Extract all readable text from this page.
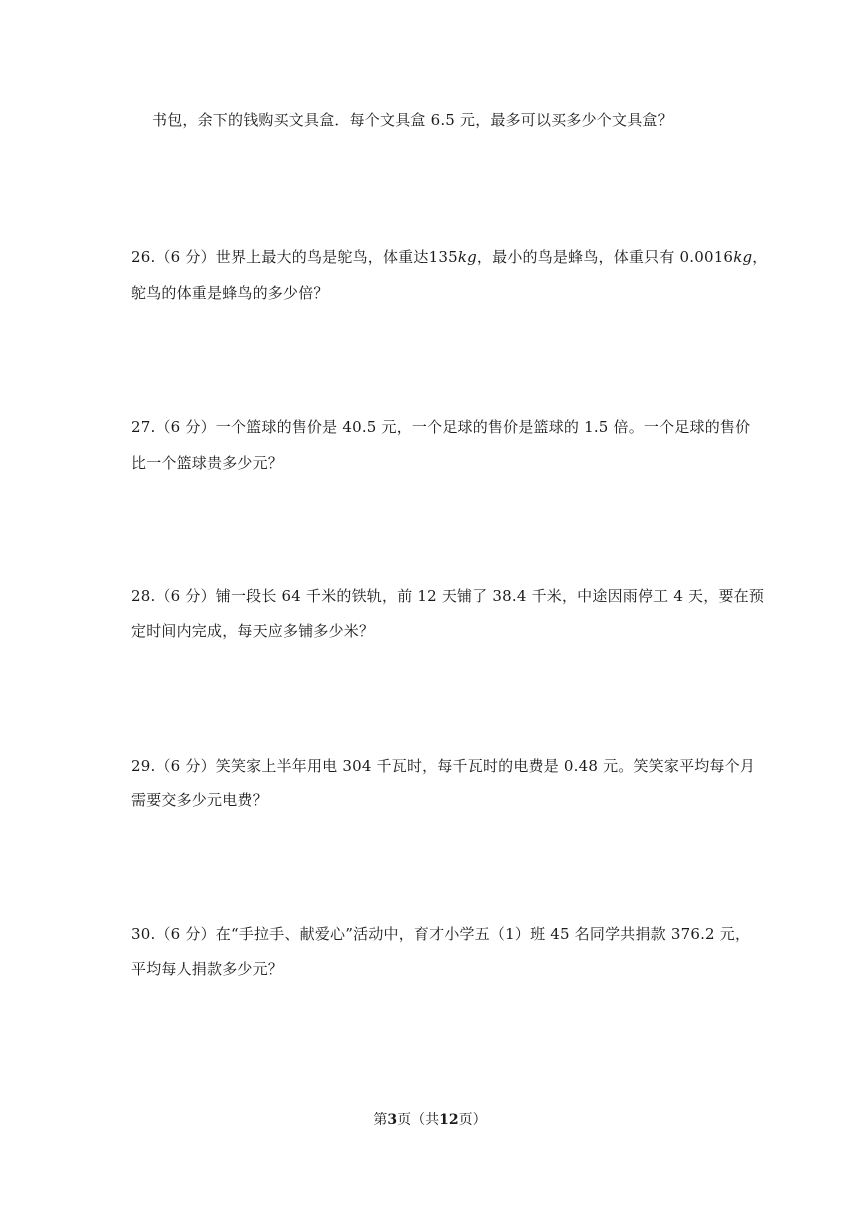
书包，余下的钱购买文具盒．每个文具盒 6.5 元，最多可以买多少个文具盒？
26.（6 分）世界上最大的鸟是鸵鸟，体重达135kg，最小的鸟是蜂鸟，体重只有 0.0016kg，
鸵鸟的体重是蜂鸟的多少倍？
27.（6 分）一个篮球的售价是 40.5 元，一个足球的售价是篮球的 1.5 倍。一个足球的售价
比一个篮球贵多少元？
28.（6 分）铺一段长 64 千米的铁轨，前 12 天铺了 38.4 千米，中途因雨停工 4 天，要在预
定时间内完成，每天应多铺多少米？
29.（6 分）笑笑家上半年用电 304 千瓦时，每千瓦时的电费是 0.48 元。笑笑家平均每个月
需要交多少元电费？
30.（6 分）在“手拉手、献爱心”活动中，育才小学五（1）班 45 名同学共捐款 376.2 元，
平均每人捐款多少元？
第3页（共12页）
